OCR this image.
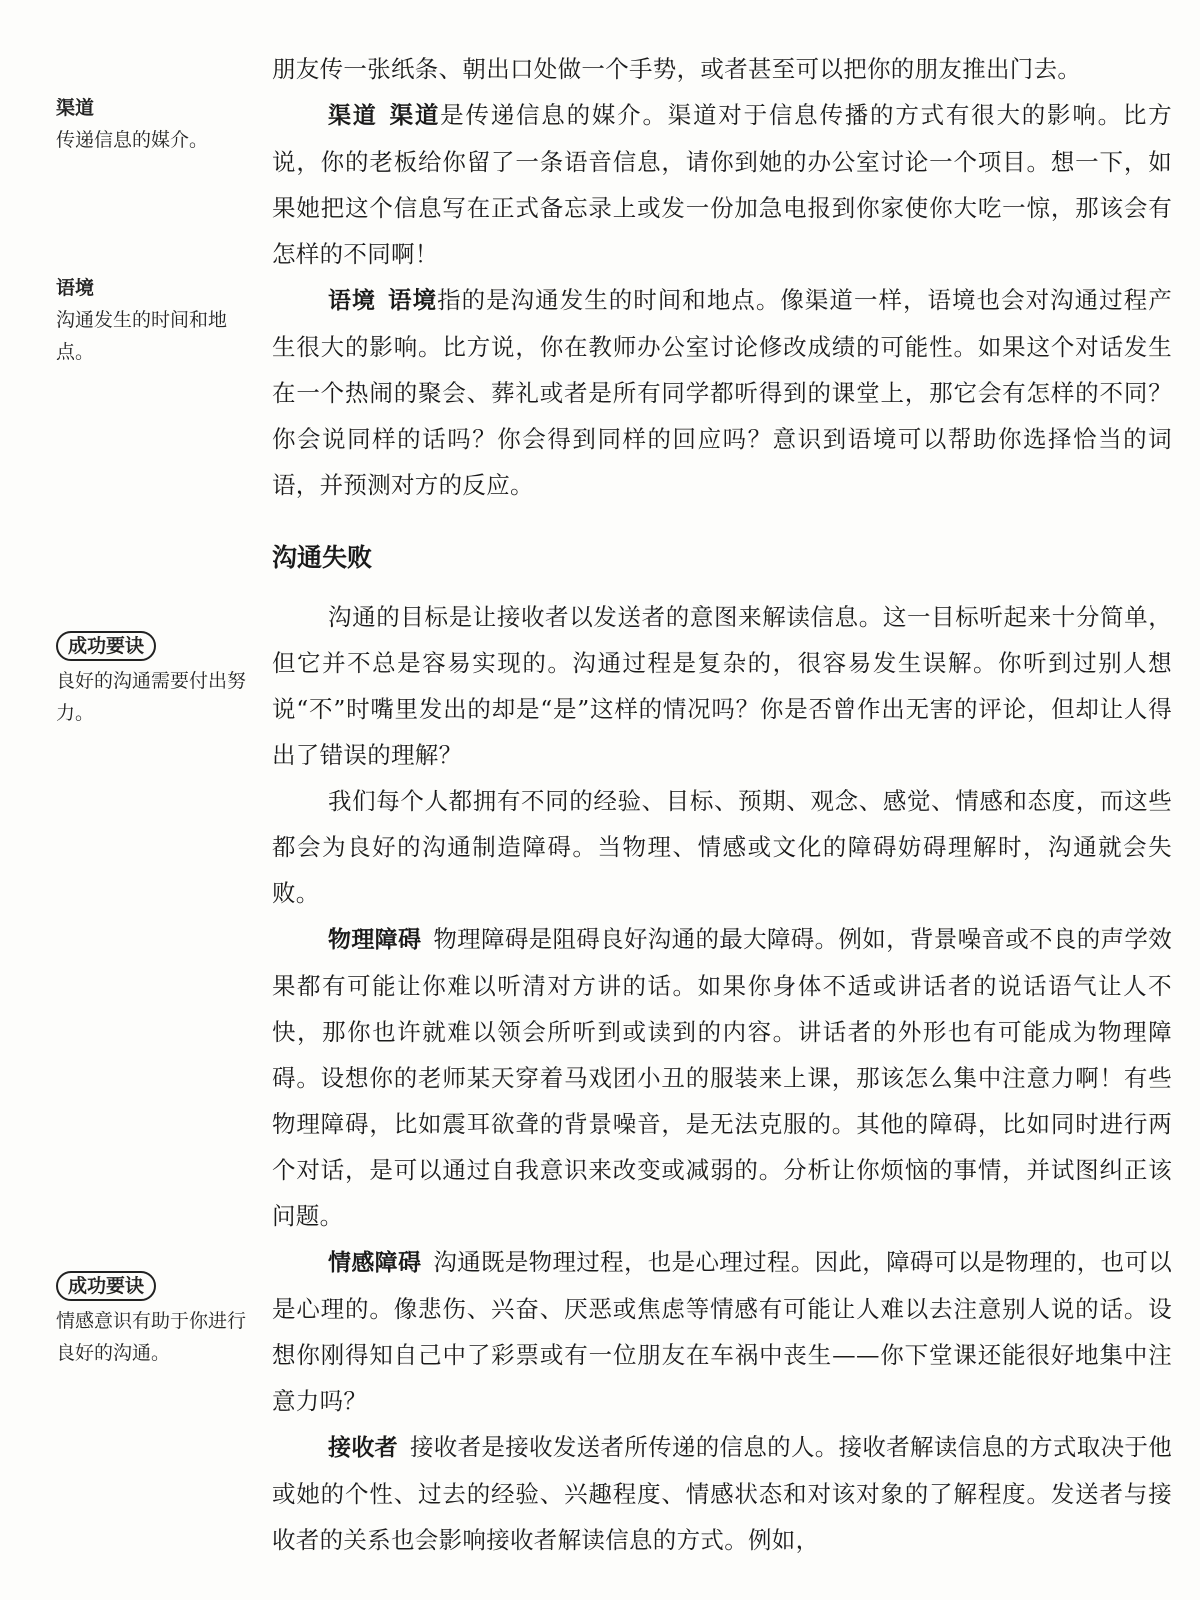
渠道
传递信息的媒介。
语境
沟通发生的时间和地点。
成功要诀
良好的沟通需要付出努力。
成功要诀
情感意识有助于你进行良好的沟通。

朋友传一张纸条、朝出口处做一个手势，或者甚至可以把你的朋友推出门去。

渠道 渠道是传递信息的媒介。渠道对于信息传播的方式有很大的影响。比方说，你的老板给你留了一条语音信息，请你到她的办公室讨论一个项目。想一下，如果她把这个信息写在正式备忘录上或发一份加急电报到你家使你大吃一惊，那该会有怎样的不同啊！

语境 语境指的是沟通发生的时间和地点。像渠道一样，语境也会对沟通过程产生很大的影响。比方说，你在教师办公室讨论修改成绩的可能性。如果这个对话发生在一个热闹的聚会、葬礼或者是所有同学都听得到的课堂上，那它会有怎样的不同？你会说同样的话吗？你会得到同样的回应吗？意识到语境可以帮助你选择恰当的词语，并预测对方的反应。

沟通失败

沟通的目标是让接收者以发送者的意图来解读信息。这一目标听起来十分简单，但它并不总是容易实现的。沟通过程是复杂的，很容易发生误解。你听到过别人想说“不”时嘴里发出的却是“是”这样的情况吗？你是否曾作出无害的评论，但却让人得出了错误的理解？

我们每个人都拥有不同的经验、目标、预期、观念、感觉、情感和态度，而这些都会为良好的沟通制造障碍。当物理、情感或文化的障碍妨碍理解时，沟通就会失败。

物理障碍 物理障碍是阻碍良好沟通的最大障碍。例如，背景噪音或不良的声学效果都有可能让你难以听清对方讲的话。如果你身体不适或讲话者的说话语气让人不快，那你也许就难以领会所听到或读到的内容。讲话者的外形也有可能成为物理障碍。设想你的老师某天穿着马戏团小丑的服装来上课，那该怎么集中注意力啊！有些物理障碍，比如震耳欲聋的背景噪音，是无法克服的。其他的障碍，比如同时进行两个对话，是可以通过自我意识来改变或减弱的。分析让你烦恼的事情，并试图纠正该问题。

情感障碍 沟通既是物理过程，也是心理过程。因此，障碍可以是物理的，也可以是心理的。像悲伤、兴奋、厌恶或焦虑等情感有可能让人难以去注意别人说的话。设想你刚得知自己中了彩票或有一位朋友在车祸中丧生——你下堂课还能很好地集中注意力吗？

接收者 接收者是接收发送者所传递的信息的人。接收者解读信息的方式取决于他或她的个性、过去的经验、兴趣程度、情感状态和对该对象的了解程度。发送者与接收者的关系也会影响接收者解读信息的方式。例如，
